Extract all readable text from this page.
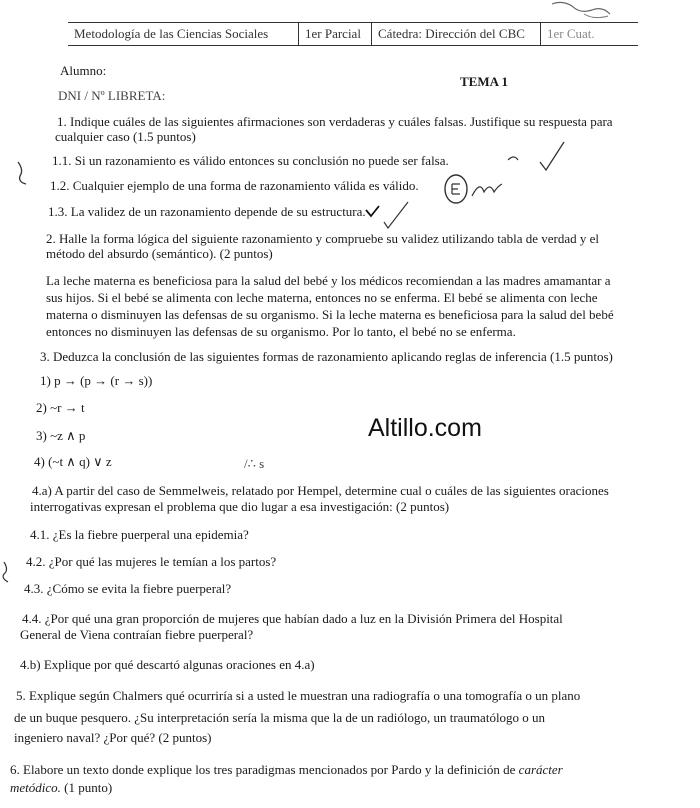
Metodología de las Ciencias Sociales	1er Parcial	Cátedra: Dirección del CBC	1er Cuat.
Alumno:
TEMA 1
DNI / Nº LIBRETA:
1. Indique cuáles de las siguientes afirmaciones son verdaderas y cuáles falsas. Justifique su respuesta para
cualquier caso (1.5 puntos)
1.1. Si un razonamiento es válido entonces su conclusión no puede ser falsa.
1.2. Cualquier ejemplo de una forma de razonamiento válida es válido.
1.3. La validez de un razonamiento depende de su estructura.
2. Halle la forma lógica del siguiente razonamiento y compruebe su validez utilizando tabla de verdad y el
método del absurdo (semántico). (2 puntos)
La leche materna es beneficiosa para la salud del bebé y los médicos recomiendan a las madres amamantar a
sus hijos. Si el bebé se alimenta con leche materna, entonces no se enferma. El bebé se alimenta con leche
materna o disminuyen las defensas de su organismo. Si la leche materna es beneficiosa para la salud del bebé
entonces no disminuyen las defensas de su organismo. Por lo tanto, el bebé no se enferma.
3. Deduzca la conclusión de las siguientes formas de razonamiento aplicando reglas de inferencia (1.5 puntos)
1) p → (p → (r → s))
2) ~r → t
3) ~z ∧ p
4) (~t ∧ q) ∨ z	/∴ s
Altillo.com
4.a) A partir del caso de Semmelweis, relatado por Hempel, determine cual o cuáles de las siguientes oraciones
interrogativas expresan el problema que dio lugar a esa investigación: (2 puntos)
4.1. ¿Es la fiebre puerperal una epidemia?
4.2. ¿Por qué las mujeres le temían a los partos?
4.3. ¿Cómo se evita la fiebre puerperal?
4.4. ¿Por qué una gran proporción de mujeres que habían dado a luz en la División Primera del Hospital
General de Viena contraían fiebre puerperal?
4.b) Explique por qué descartó algunas oraciones en 4.a)
5. Explique según Chalmers qué ocurriría si a usted le muestran una radiografía o una tomografía o un plano
de un buque pesquero. ¿Su interpretación sería la misma que la de un radiólogo, un traumatólogo o un
ingeniero naval? ¿Por qué? (2 puntos)
6. Elabore un texto donde explique los tres paradigmas mencionados por Pardo y la definición de carácter
metódico. (1 punto)
